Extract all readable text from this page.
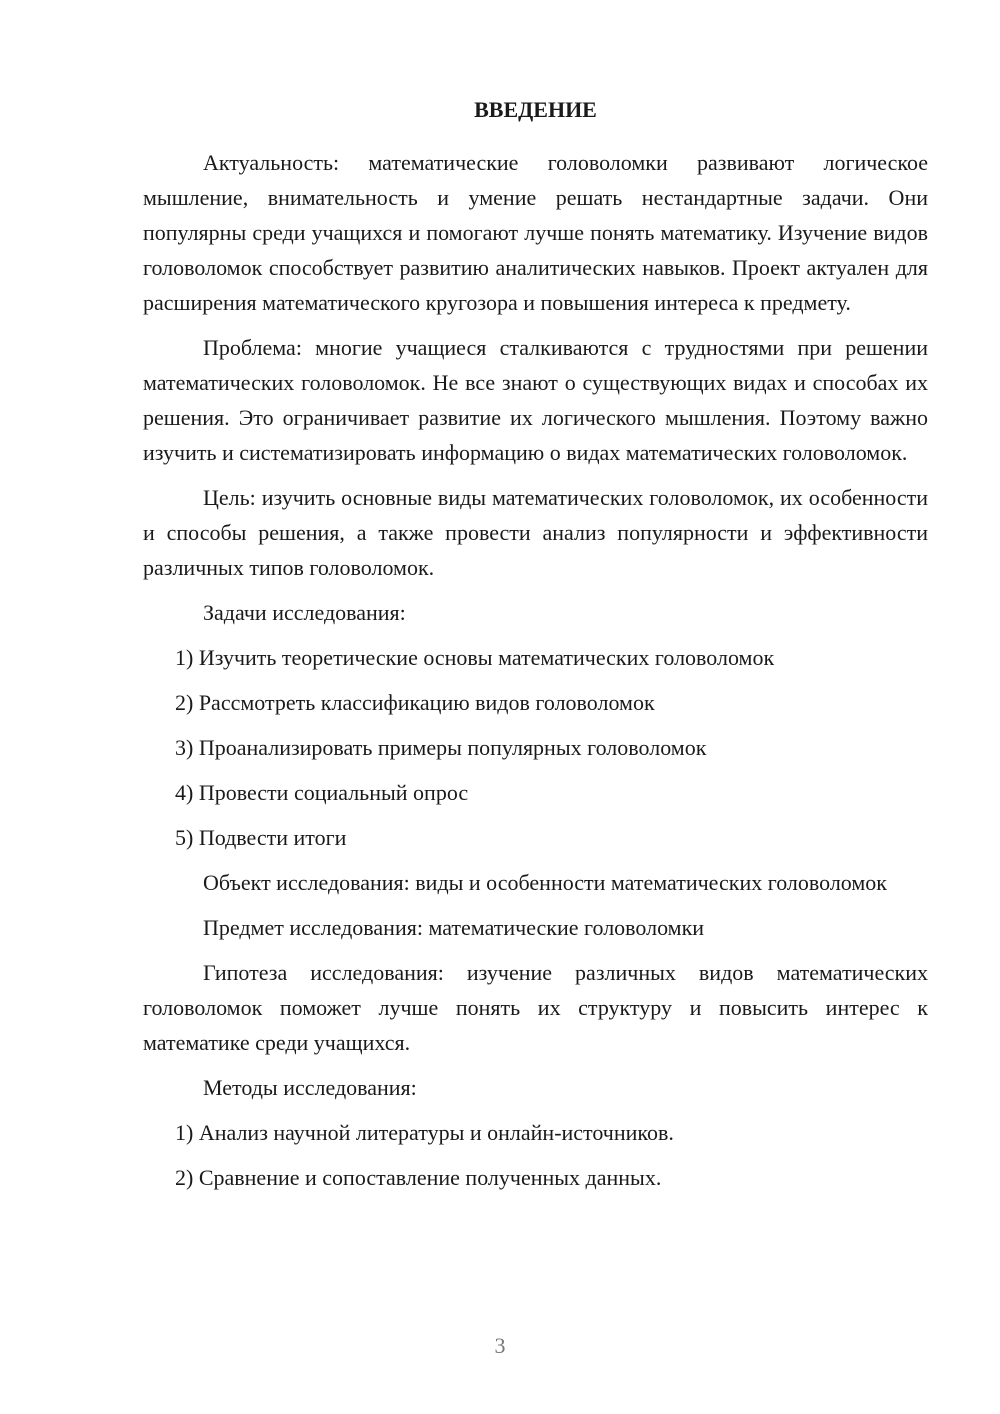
ВВЕДЕНИЕ

Актуальность: математические головоломки развивают логическое мышление, внимательность и умение решать нестандартные задачи. Они популярны среди учащихся и помогают лучше понять математику. Изучение видов головоломок способствует развитию аналитических навыков. Проект актуален для расширения математического кругозора и повышения интереса к предмету.

Проблема: многие учащиеся сталкиваются с трудностями при решении математических головоломок. Не все знают о существующих видах и способах их решения. Это ограничивает развитие их логического мышления. Поэтому важно изучить и систематизировать информацию о видах математических головоломок.

Цель: изучить основные виды математических головоломок, их особенности и способы решения, а также провести анализ популярности и эффективности различных типов головоломок.

Задачи исследования:

1) Изучить теоретические основы математических головоломок
2) Рассмотреть классификацию видов головоломок
3) Проанализировать примеры популярных головоломок
4) Провести социальный опрос
5) Подвести итоги

Объект исследования: виды и особенности математических головоломок

Предмет исследования: математические головоломки

Гипотеза исследования: изучение различных видов математических головоломок поможет лучше понять их структуру и повысить интерес к математике среди учащихся.

Методы исследования:

1) Анализ научной литературы и онлайн-источников.
2) Сравнение и сопоставление полученных данных.
3
